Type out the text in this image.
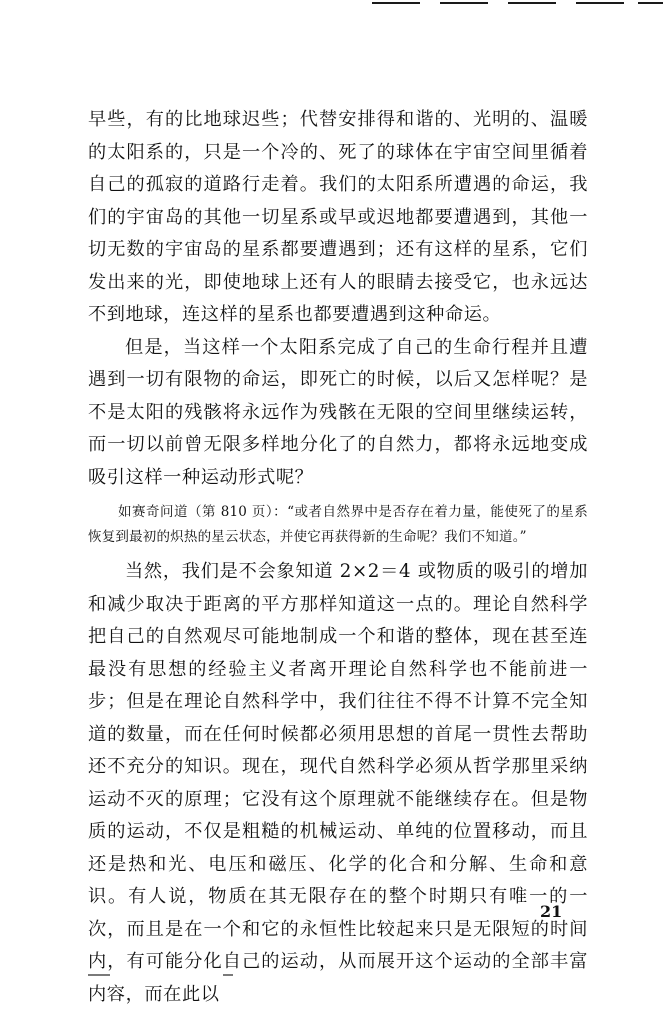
早些，有的比地球迟些；代替安排得和谐的、光明的、温暖的太阳系的，只是一个冷的、死了的球体在宇宙空间里循着自己的孤寂的道路行走着。我们的太阳系所遭遇的命运，我们的宇宙岛的其他一切星系或早或迟地都要遭遇到，其他一切无数的宇宙岛的星系都要遭遇到；还有这样的星系，它们发出来的光，即使地球上还有人的眼睛去接受它，也永远达不到地球，连这样的星系也都要遭遇到这种命运。

但是，当这样一个太阳系完成了自己的生命行程并且遭遇到一切有限物的命运，即死亡的时候，以后又怎样呢？是不是太阳的残骸将永远作为残骸在无限的空间里继续运转，而一切以前曾无限多样地分化了的自然力，都将永远地变成吸引这样一种运动形式呢？

如赛奇问道（第 810 页）：“或者自然界中是否存在着力量，能使死了的星系恢复到最初的炽热的星云状态，并使它再获得新的生命呢？我们不知道。”

当然，我们是不会象知道 2×2＝4 或物质的吸引的增加和减少取决于距离的平方那样知道这一点的。理论自然科学把自己的自然观尽可能地制成一个和谐的整体，现在甚至连最没有思想的经验主义者离开理论自然科学也不能前进一步；但是在理论自然科学中，我们往往不得不计算不完全知道的数量，而在任何时候都必须用思想的首尾一贯性去帮助还不充分的知识。现在，现代自然科学必须从哲学那里采纳运动不灭的原理；它没有这个原理就不能继续存在。但是物质的运动，不仅是粗糙的机械运动、单纯的位置移动，而且还是热和光、电压和磁压、化学的化合和分解、生命和意识。有人说，物质在其无限存在的整个时期只有唯一的一次，而且是在一个和它的永恒性比较起来只是无限短的时间内，有可能分化自己的运动，从而展开这个运动的全部丰富内容，而在此以

21
